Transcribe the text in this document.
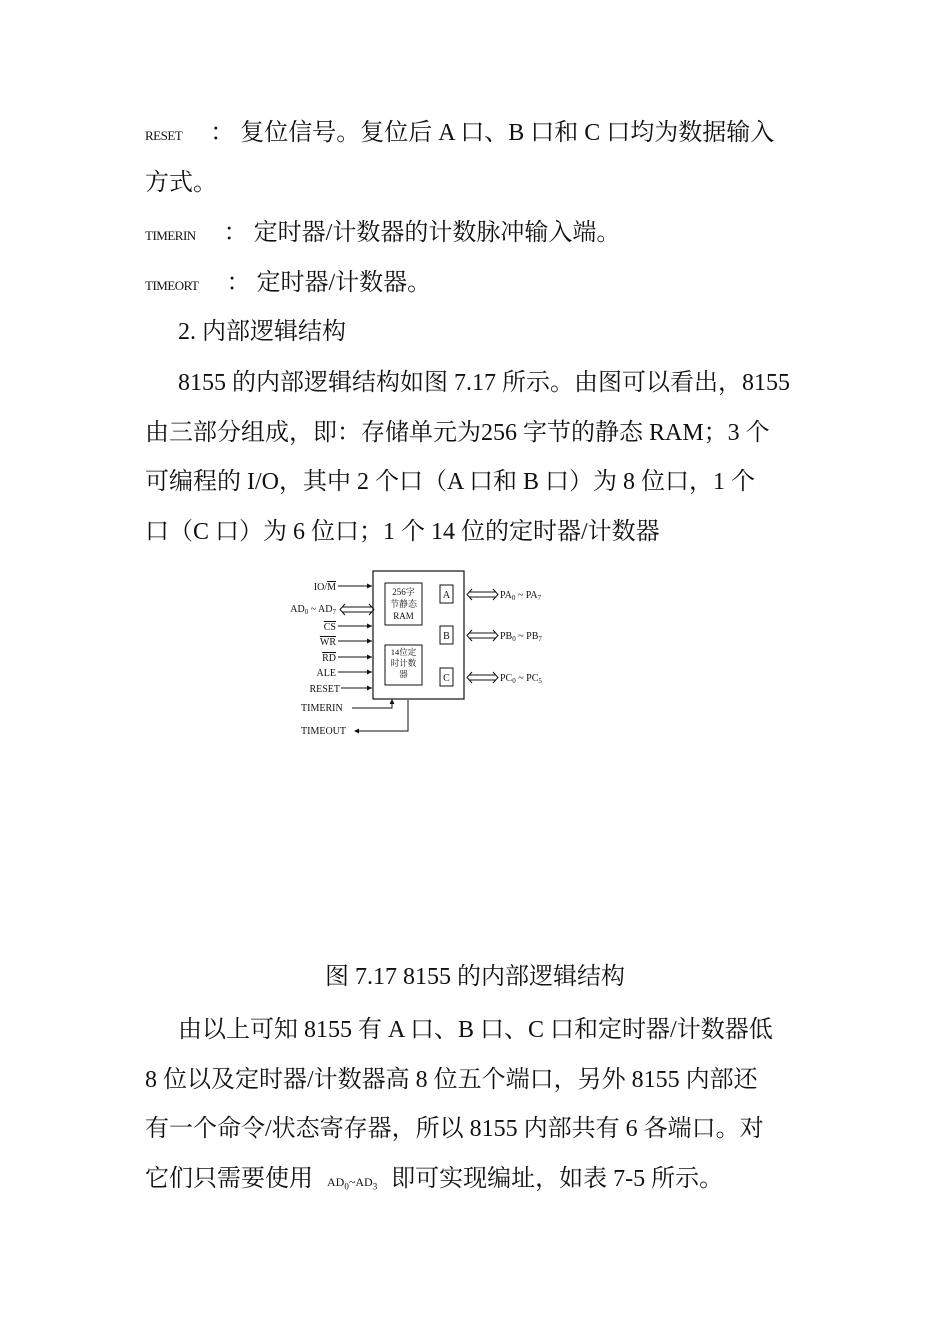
RESET ： 复位信号。复位后 A 口、B 口和 C 口均为数据输入
方式。
TIMERIN ： 定时器/计数器的计数脉冲输入端。
TIMEORT ： 定时器/计数器。
2. 内部逻辑结构
8155 的内部逻辑结构如图 7.17 所示。由图可以看出，8155
由三部分组成，即：存储单元为256 字节的静态 RAM；3 个
可编程的 I/O，其中 2 个口（A 口和 B 口）为 8 位口，1 个
口（C 口）为 6 位口；1 个 14 位的定时器/计数器
256字
节静态
RAM
14位定
时计数
器
A
B
C
IO/M
$AD_0$ ~ $AD_7$
CS
WR
RD
ALE
RESET
TIMERIN
TIMEOUT
$PA_0$ ~ $PA_7$
$PB_0$ ~ $PB_7$
$PC_0$ ~ $PC_5$
图 7.17 8155 的内部逻辑结构
由以上可知 8155 有 A 口、B 口、C 口和定时器/计数器低
8 位以及定时器/计数器高 8 位五个端口，另外 8155 内部还
有一个命令/状态寄存器，所以 8155 内部共有 6 各端口。对
它们只需要使用 $AD_0\sim AD_3$ 即可实现编址，如表 7-5 所示。
